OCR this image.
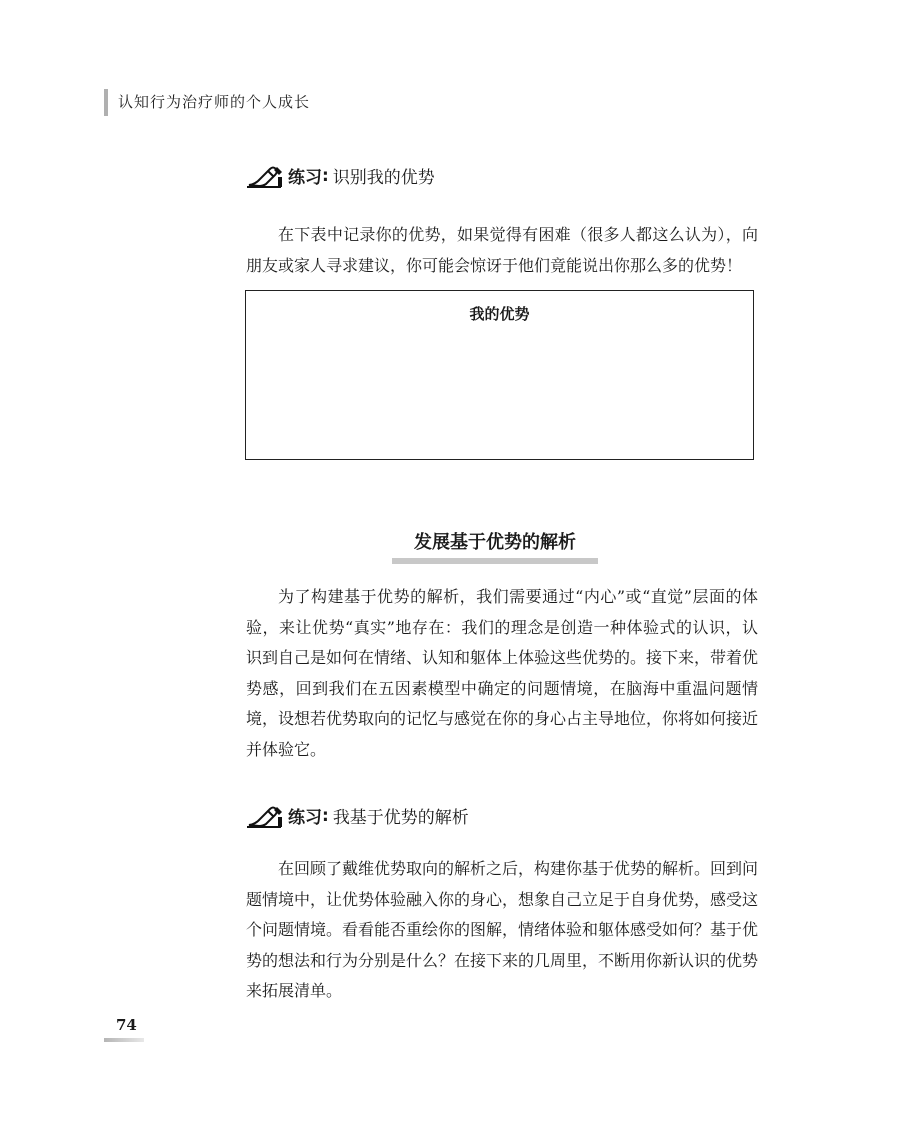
认知行为治疗师的个人成长
练习 : 识别我的优势

在下表中记录你的优势，如果觉得有困难（很多人都这么认为），向朋友或家人寻求建议，你可能会惊讶于他们竟能说出你那么多的优势！

我的优势
发展基于优势的解析

为了构建基于优势的解析，我们需要通过“内心”或“直觉”层面的体验，来让优势“真实”地存在：我们的理念是创造一种体验式的认识，认识到自己是如何在情绪、认知和躯体上体验这些优势的。接下来，带着优势感，回到我们在五因素模型中确定的问题情境，在脑海中重温问题情境，设想若优势取向的记忆与感觉在你的身心占主导地位，你将如何接近并体验它。

练习 : 我基于优势的解析

在回顾了戴维优势取向的解析之后，构建你基于优势的解析。回到问题情境中，让优势体验融入你的身心，想象自己立足于自身优势，感受这个问题情境。看看能否重绘你的图解，情绪体验和躯体感受如何？基于优势的想法和行为分别是什么？在接下来的几周里，不断用你新认识的优势来拓展清单。

74
